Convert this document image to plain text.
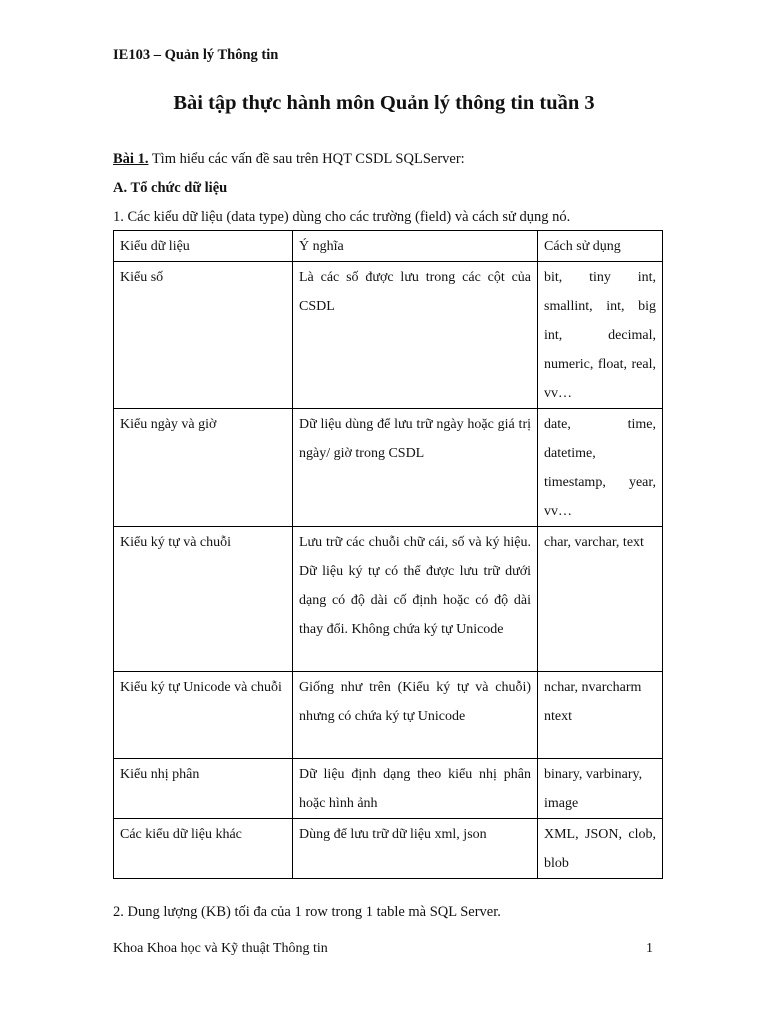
IE103 – Quản lý Thông tin
Bài tập thực hành môn Quản lý thông tin tuần 3
Bài 1. Tìm hiểu các vấn đề sau trên HQT CSDL SQLServer:
A. Tổ chức dữ liệu
1. Các kiểu dữ liệu (data type) dùng cho các trường (field) và cách sử dụng nó.
Kiểu dữ liệu	Ý nghĩa	Cách sử dụng
Kiểu số	Là các số được lưu trong các cột của CSDL	bit, tiny int, smallint, int, big int, decimal, numeric, float, real, vv…
Kiểu ngày và giờ	Dữ liệu dùng để lưu trữ ngày hoặc giá trị ngày/ giờ trong CSDL	date, time, datetime, timestamp, year, vv…
Kiểu ký tự và chuỗi	Lưu trữ các chuỗi chữ cái, số và ký hiệu. Dữ liệu ký tự có thể được lưu trữ dưới dạng có độ dài cố định hoặc có độ dài thay đổi. Không chứa ký tự Unicode	char, varchar, text
Kiểu ký tự Unicode và chuỗi	Giống như trên (Kiểu ký tự và chuỗi) nhưng có chứa ký tự Unicode	nchar, nvarcharm ntext
Kiểu nhị phân	Dữ liệu định dạng theo kiểu nhị phân hoặc hình ảnh	binary, varbinary, image
Các kiểu dữ liệu khác	Dùng để lưu trữ dữ liệu xml, json	XML, JSON, clob, blob
2. Dung lượng (KB) tối đa của 1 row trong 1 table mà SQL Server.
Khoa Khoa học và Kỹ thuật Thông tin	1
